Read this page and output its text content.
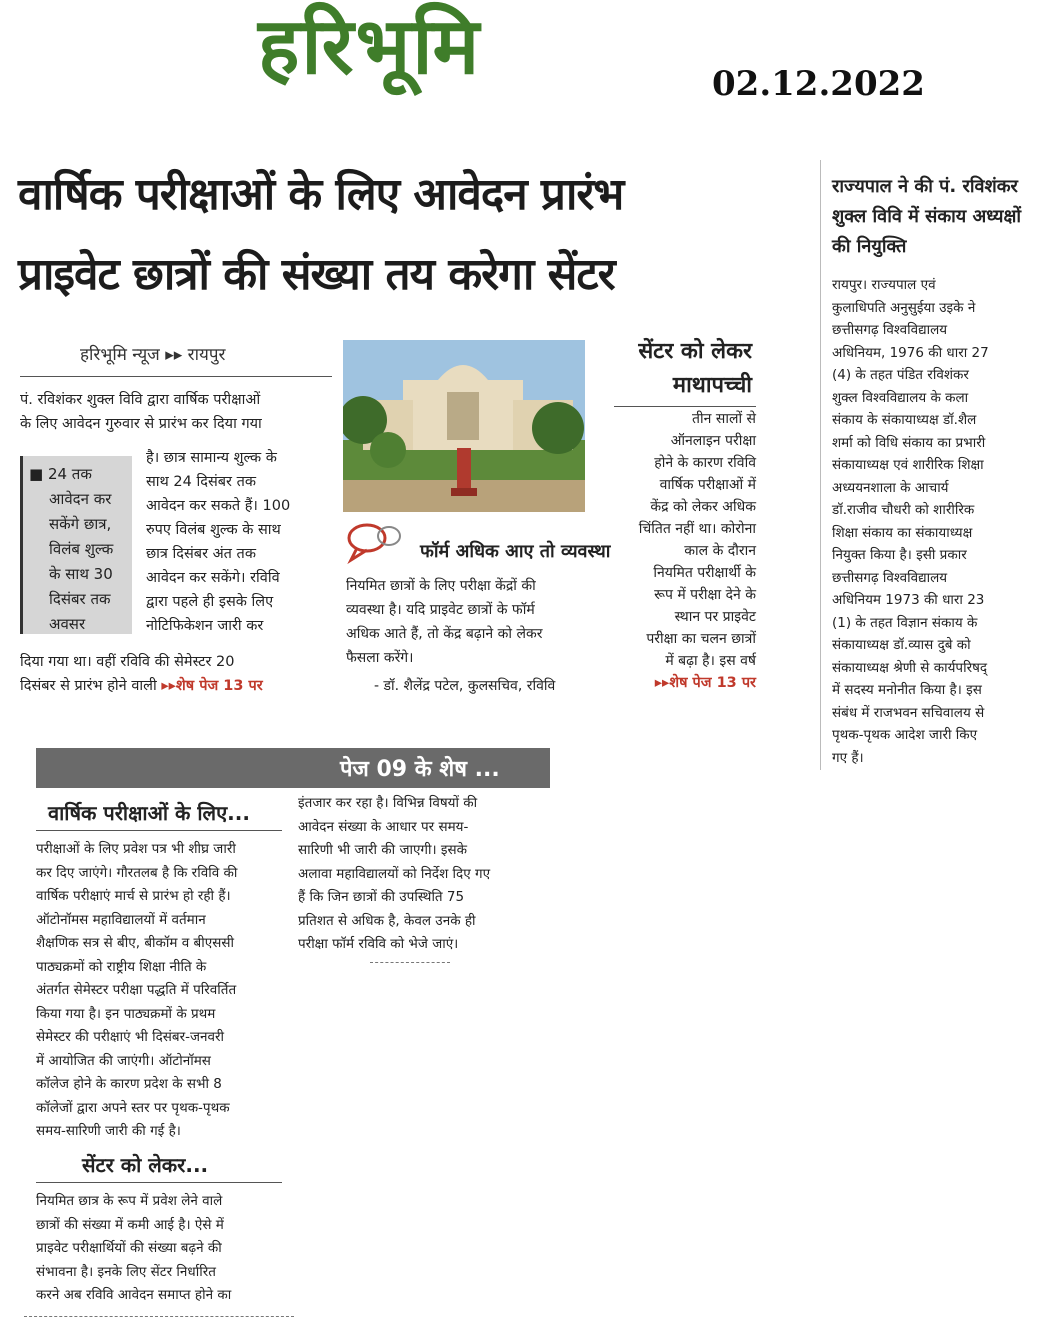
हरिभूमि	02.12.2022
वार्षिक परीक्षाओं के लिए आवेदन प्रारंभ
प्राइवेट छात्रों की संख्या तय करेगा सेंटर
हरिभूमि न्यूज ▸▸ रायपुर
पं. रविशंकर शुक्ल विवि द्वारा वार्षिक परीक्षाओं
के लिए आवेदन गुरुवार से प्रारंभ कर दिया गया
है। छात्र सामान्य शुल्क के
साथ 24 दिसंबर तक
आवेदन कर सकते हैं। 100
रुपए विलंब शुल्क के साथ
छात्र दिसंबर अंत तक
आवेदन कर सकेंगे। रविवि
द्वारा पहले ही इसके लिए
नोटिफिकेशन जारी कर
दिया गया था। वहीं रविवि की सेमेस्टर 20
दिसंबर से प्रारंभ होने वाली ▸▸शेष पेज 13 पर
■ 24 तक
आवेदन कर
सकेंगे छात्र,
विलंब शुल्क
के साथ 30
दिसंबर तक
अवसर
फॉर्म अधिक आए तो व्यवस्था
नियमित छात्रों के लिए परीक्षा केंद्रों की
व्यवस्था है। यदि प्राइवेट छात्रों के फॉर्म
अधिक आते हैं, तो केंद्र बढ़ाने को लेकर
फैसला करेंगे।
- डॉ. शैलेंद्र पटेल, कुलसचिव, रविवि
सेंटर को लेकर
माथापच्ची
तीन सालों से
ऑनलाइन परीक्षा
होने के कारण रविवि
वार्षिक परीक्षाओं में
केंद्र को लेकर अधिक
चिंतित नहीं था। कोरोना
काल के दौरान
नियमित परीक्षार्थी के
रूप में परीक्षा देने के
स्थान पर प्राइवेट
परीक्षा का चलन छात्रों
में बढ़ा है। इस वर्ष
▸▸शेष पेज 13 पर
राज्यपाल ने की पं. रविशंकर
शुक्ल विवि में संकाय अध्यक्षों
की नियुक्ति
रायपुर। राज्यपाल एवं
कुलाधिपति अनुसुईया उइके ने
छत्तीसगढ़ विश्वविद्यालय
अधिनियम, 1976 की धारा 27
(4) के तहत पंडित रविशंकर
शुक्ल विश्वविद्यालय के कला
संकाय के संकायाध्यक्ष डॉ.शैल
शर्मा को विधि संकाय का प्रभारी
संकायाध्यक्ष एवं शारीरिक शिक्षा
अध्ययनशाला के आचार्य
डॉ.राजीव चौधरी को शारीरिक
शिक्षा संकाय का संकायाध्यक्ष
नियुक्त किया है। इसी प्रकार
छत्तीसगढ़ विश्वविद्यालय
अधिनियम 1973 की धारा 23
(1) के तहत विज्ञान संकाय के
संकायाध्यक्ष डॉ.व्यास दुबे को
संकायाध्यक्ष श्रेणी से कार्यपरिषद्
में सदस्य मनोनीत किया है। इस
संबंध में राजभवन सचिवालय से
पृथक-पृथक आदेश जारी किए
गए हैं।
पेज 09 के शेष ...
वार्षिक परीक्षाओं के लिए...
परीक्षाओं के लिए प्रवेश पत्र भी शीघ्र जारी
कर दिए जाएंगे। गौरतलब है कि रविवि की
वार्षिक परीक्षाएं मार्च से प्रारंभ हो रही हैं।
ऑटोनॉमस महाविद्यालयों में वर्तमान
शैक्षणिक सत्र से बीए, बीकॉम व बीएससी
पाठ्यक्रमों को राष्ट्रीय शिक्षा नीति के
अंतर्गत सेमेस्टर परीक्षा पद्धति में परिवर्तित
किया गया है। इन पाठ्यक्रमों के प्रथम
सेमेस्टर की परीक्षाएं भी दिसंबर-जनवरी
में आयोजित की जाएंगी। ऑटोनॉमस
कॉलेज होने के कारण प्रदेश के सभी 8
कॉलेजों द्वारा अपने स्तर पर पृथक-पृथक
समय-सारिणी जारी की गई है।
सेंटर को लेकर...
नियमित छात्र के रूप में प्रवेश लेने वाले
छात्रों की संख्या में कमी आई है। ऐसे में
प्राइवेट परीक्षार्थियों की संख्या बढ़ने की
संभावना है। इनके लिए सेंटर निर्धारित
करने अब रविवि आवेदन समाप्त होने का
इंतजार कर रहा है। विभिन्न विषयों की
आवेदन संख्या के आधार पर समय-
सारिणी भी जारी की जाएगी। इसके
अलावा महाविद्यालयों को निर्देश दिए गए
हैं कि जिन छात्रों की उपस्थिति 75
प्रतिशत से अधिक है, केवल उनके ही
परीक्षा फॉर्म रविवि को भेजे जाएं।
